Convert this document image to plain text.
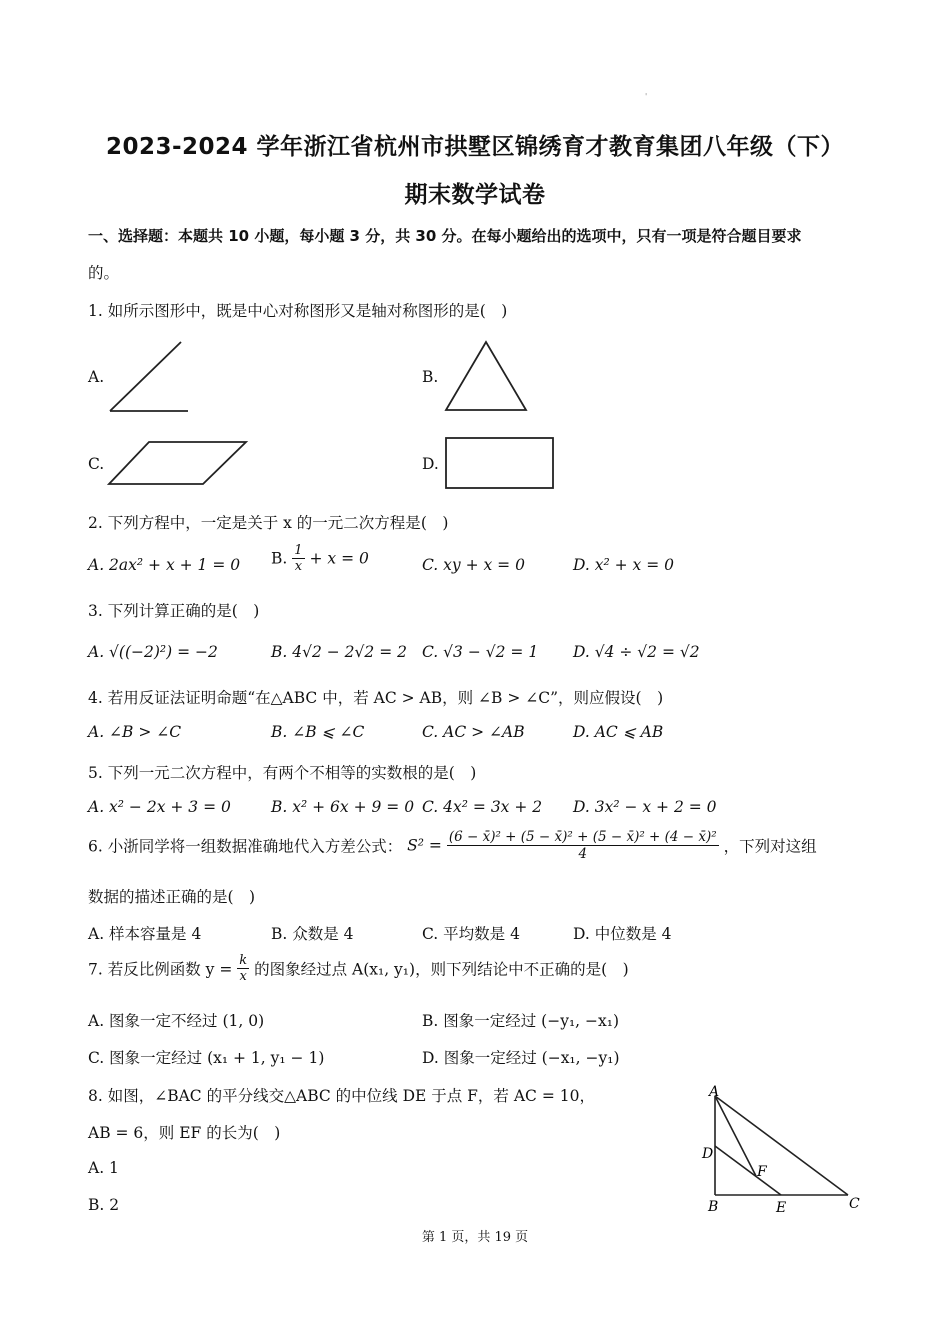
'
2023-2024 学年浙江省杭州市拱墅区锦绣育才教育集团八年级（下）
期末数学试卷
一、选择题：本题共 10 小题，每小题 3 分，共 30 分。在每小题给出的选项中，只有一项是符合题目要求
的。
1. 如所示图形中，既是中心对称图形又是轴对称图形的是(　)
A.	B.
C.	D.
2. 下列方程中，一定是关于 x 的一元二次方程是(　)
A. 2ax² + x + 1 = 0 B. $\frac{1}{x} + x = 0$	C. xy + x = 0	D. x² + x = 0
3. 下列计算正确的是(　)
A. √((−2)²) = −2	B. 4√2 − 2√2 = 2 C. √3 − √2 = 1 D. √4 ÷ √2 = √2
4. 若用反证法证明命题“在△ABC 中，若 AC > AB，则 ∠B > ∠C”，则应假设(　)
A. ∠B > ∠C	B. ∠B ⩽ ∠C	C. AC > ∠AB	D. AC ⩽ AB
5. 下列一元二次方程中，有两个不相等的实数根的是(　)
A. x² − 2x + 3 = 0	B. x² + 6x + 9 = 0 C. 4x² = 3x + 2 D. 3x² − x + 2 = 0
6. 小浙同学将一组数据准确地代入方差公式： $S^2 = \frac{\text{(6 − x̄)² + (5 − x̄)² + (5 − x̄)² + (4 − x̄)²}}{4}$ ，下列对这组
数据的描述正确的是(　)
A. 样本容量是 4	B. 众数是 4	C. 平均数是 4	D. 中位数是 4
7. 若反比例函数 $y = \frac{k}{x}$ 的图象经过点 A(x₁, y₁)，则下列结论中不正确的是(　)
A. 图象一定不经过 (1, 0)	B. 图象一定经过 (−y₁, −x₁)
C. 图象一定经过 (x₁ + 1, y₁ − 1)	D. 图象一定经过 (−x₁, −y₁)
8. 如图，∠BAC 的平分线交△ABC 的中位线 DE 于点 F，若 AC = 10，
AB = 6，则 EF 的长为(　)
A. 1
B. 2
A
D
F
B	E	C
第 1 页，共 19 页
